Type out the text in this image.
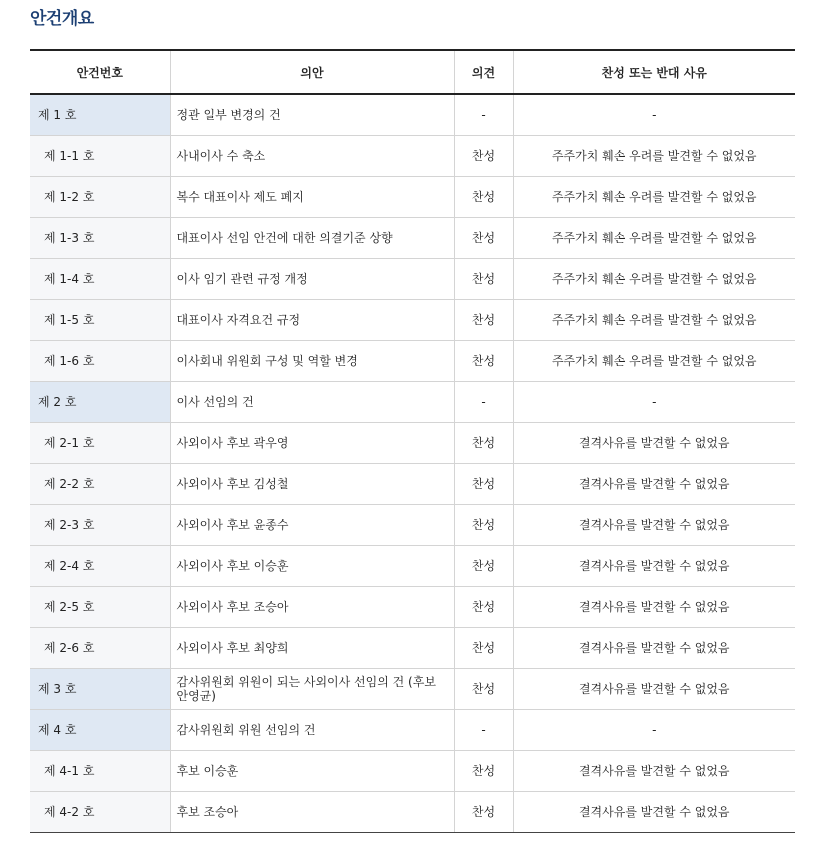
안건개요
안건번호	의안	의견	찬성 또는 반대 사유
제 1 호	정관 일부 변경의 건	-	-
제 1-1 호	사내이사 수 축소	찬성	주주가치 훼손 우려를 발견할 수 없었음
제 1-2 호	복수 대표이사 제도 폐지	찬성	주주가치 훼손 우려를 발견할 수 없었음
제 1-3 호	대표이사 선임 안건에 대한 의결기준 상향	찬성	주주가치 훼손 우려를 발견할 수 없었음
제 1-4 호	이사 임기 관련 규정 개정	찬성	주주가치 훼손 우려를 발견할 수 없었음
제 1-5 호	대표이사 자격요건 규정	찬성	주주가치 훼손 우려를 발견할 수 없었음
제 1-6 호	이사회내 위원회 구성 및 역할 변경	찬성	주주가치 훼손 우려를 발견할 수 없었음
제 2 호	이사 선임의 건	-	-
제 2-1 호	사외이사 후보 곽우영	찬성	결격사유를 발견할 수 없었음
제 2-2 호	사외이사 후보 김성철	찬성	결격사유를 발견할 수 없었음
제 2-3 호	사외이사 후보 윤종수	찬성	결격사유를 발견할 수 없었음
제 2-4 호	사외이사 후보 이승훈	찬성	결격사유를 발견할 수 없었음
제 2-5 호	사외이사 후보 조승아	찬성	결격사유를 발견할 수 없었음
제 2-6 호	사외이사 후보 최양희	찬성	결격사유를 발견할 수 없었음
제 3 호	감사위원회 위원이 되는 사외이사 선임의 건 (후보 안영균)	찬성	결격사유를 발견할 수 없었음
제 4 호	감사위원회 위원 선임의 건	-	-
제 4-1 호	후보 이승훈	찬성	결격사유를 발견할 수 없었음
제 4-2 호	후보 조승아	찬성	결격사유를 발견할 수 없었음
